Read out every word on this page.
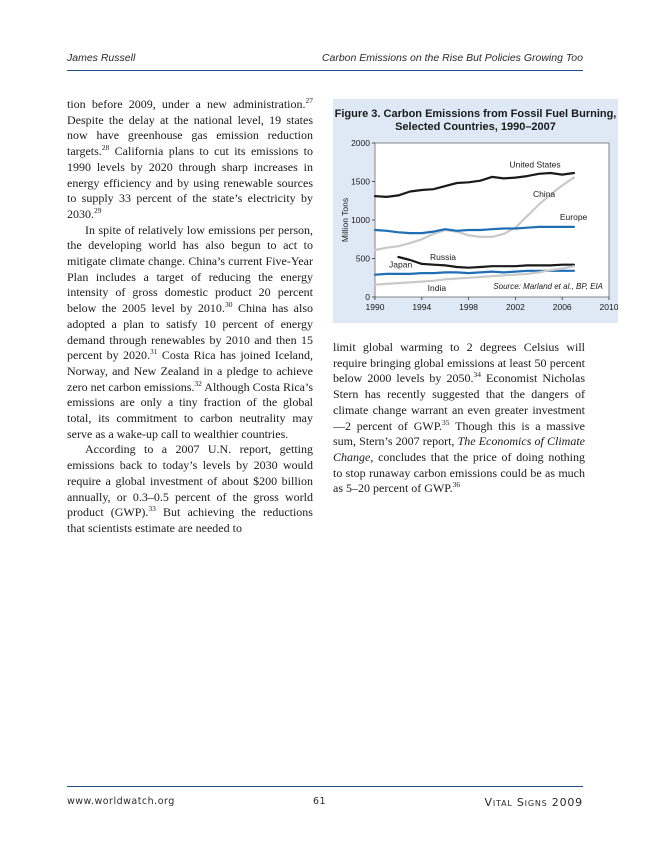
James Russell	Carbon Emissions on the Rise But Policies Growing Too

tion before 2009, under a new administration.$^{27}$ Despite the delay at the national level, 19 states now have greenhouse gas emission reduction targets.$^{28}$ California plans to cut its emissions to 1990 levels by 2020 through sharp increases in energy efficiency and by using renewable sources to supply 33 percent of the state’s electricity by 2030.29

In spite of relatively low emissions per person, the developing world has also begun to act to mitigate climate change. China’s current Five-Year Plan includes a target of reducing the energy intensity of gross domestic product 20 percent below the 2005 level by 2010.30 China has also adopted a plan to satisfy 10 percent of energy demand through renewables by 2010 and then 15 percent by 2020.31 Costa Rica has joined Iceland, Norway, and New Zealand in a pledge to achieve zero net carbon emissions.$^{32}$ Although Costa Rica’s emissions are only a tiny fraction of the global total, its commitment to carbon neutrality may serve as a wake-up call to wealthier countries.

According to a 2007 U.N. report, getting emissions back to today’s levels by 2030 would require a global investment of about $200 billion annually, or 0.3–0.5 percent of the gross world product (GWP).$^{33}$ But achieving the reductions that scientists estimate are needed to

Figure 3. Carbon Emissions from Fossil Fuel Burning,
Selected Countries, 1990–2007
0
500
1000
1500
2000
1990	1994	1998	2002	2006	2010
Million Tons
United States
China
Europe
Russia
Japan
India	Source: Marland et al., BP, EIA

limit global warming to 2 degrees Celsius will require bringing global emissions at least 50 percent below 2000 levels by 2050.34 Economist Nicholas Stern has recently suggested that the dangers of climate change warrant an even greater investment—2 percent of GWP.$^{35}$ Though this is a massive sum, Stern’s 2007 report, The Economics of Climate Change, concludes that the price of doing nothing to stop runaway carbon emissions could be as much as 5–20 percent of GWP.$^{36}$

www.worldwatch.org	61	Vital Signs 2009
